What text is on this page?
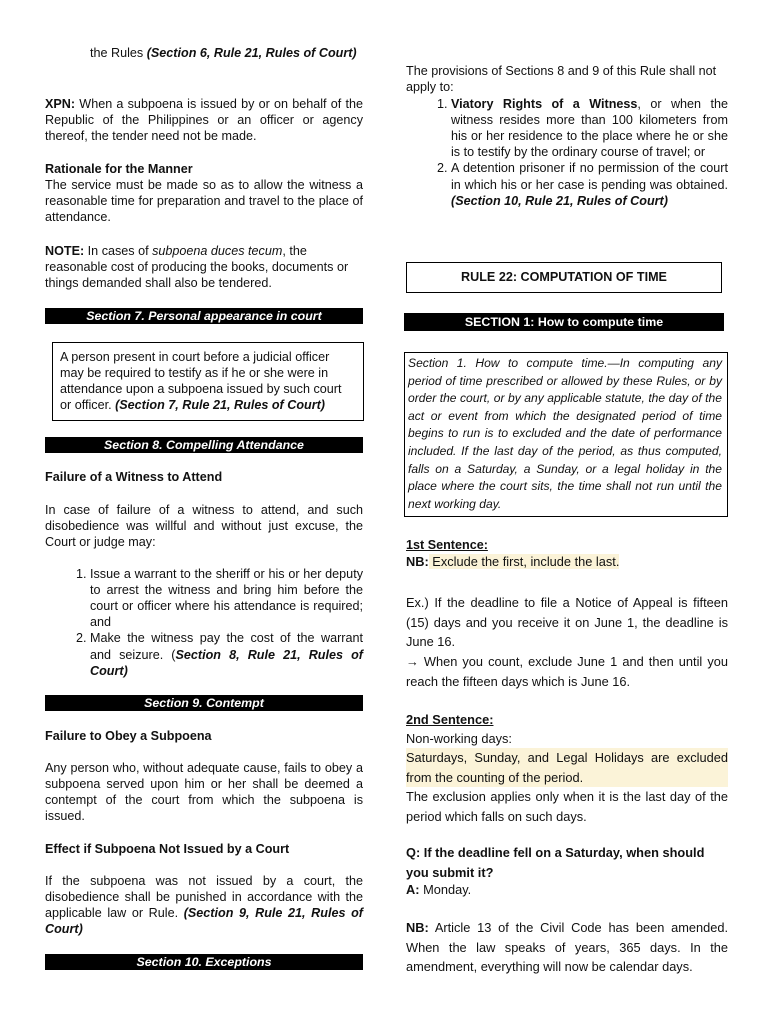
the Rules (Section 6, Rule 21, Rules of Court)

XPN: When a subpoena is issued by or on behalf of the Republic of the Philippines or an officer or agency thereof, the tender need not be made.

Rationale for the Manner

The service must be made so as to allow the witness a reasonable time for preparation and travel to the place of attendance.

NOTE: In cases of subpoena duces tecum, the reasonable cost of producing the books, documents or things demanded shall also be tendered.

Section 7. Personal appearance in court

A person present in court before a judicial officer may be required to testify as if he or she were in attendance upon a subpoena issued by such court or officer. (Section 7, Rule 21, Rules of Court)

Section 8. Compelling Attendance

Failure of a Witness to Attend

In case of failure of a witness to attend, and such disobedience was willful and without just excuse, the Court or judge may:

1. Issue a warrant to the sheriff or his or her deputy to arrest the witness and bring him before the court or officer where his attendance is required; and
2. Make the witness pay the cost of the warrant and seizure. (Section 8, Rule 21, Rules of Court)
Section 9. Contempt

Failure to Obey a Subpoena

Any person who, without adequate cause, fails to obey a subpoena served upon him or her shall be deemed a contempt of the court from which the subpoena is issued.

Effect if Subpoena Not Issued by a Court

If the subpoena was not issued by a court, the disobedience shall be punished in accordance with the applicable law or Rule. (Section 9, Rule 21, Rules of Court)

Section 10. Exceptions

The provisions of Sections 8 and 9 of this Rule shall not apply to:

1. Viatory Rights of a Witness, or when the witness resides more than 100 kilometers from his or her residence to the place where he or she is to testify by the ordinary course of travel; or
2. A detention prisoner if no permission of the court in which his or her case is pending was obtained. (Section 10, Rule 21, Rules of Court)
RULE 22: COMPUTATION OF TIME
SECTION 1: How to compute time

Section 1. How to compute time.—In computing any period of time prescribed or allowed by these Rules, or by order the court, or by any applicable statute, the day of the act or event from which the designated period of time begins to run is to excluded and the date of performance included. If the last day of the period, as thus computed, falls on a Saturday, a Sunday, or a legal holiday in the place where the court sits, the time shall not run until the next working day.

1st Sentence:

NB: Exclude the first, include the last.

Ex.) If the deadline to file a Notice of Appeal is fifteen (15) days and you receive it on June 1, the deadline is June 16.

→ When you count, exclude June 1 and then until you reach the fifteen days which is June 16.

2nd Sentence:

Non-working days:

Saturdays, Sunday, and Legal Holidays are excluded from the counting of the period.

The exclusion applies only when it is the last day of the period which falls on such days.

Q: If the deadline fell on a Saturday, when should you submit it?

A: Monday.

NB: Article 13 of the Civil Code has been amended. When the law speaks of years, 365 days. In the amendment, everything will now be calendar days.
